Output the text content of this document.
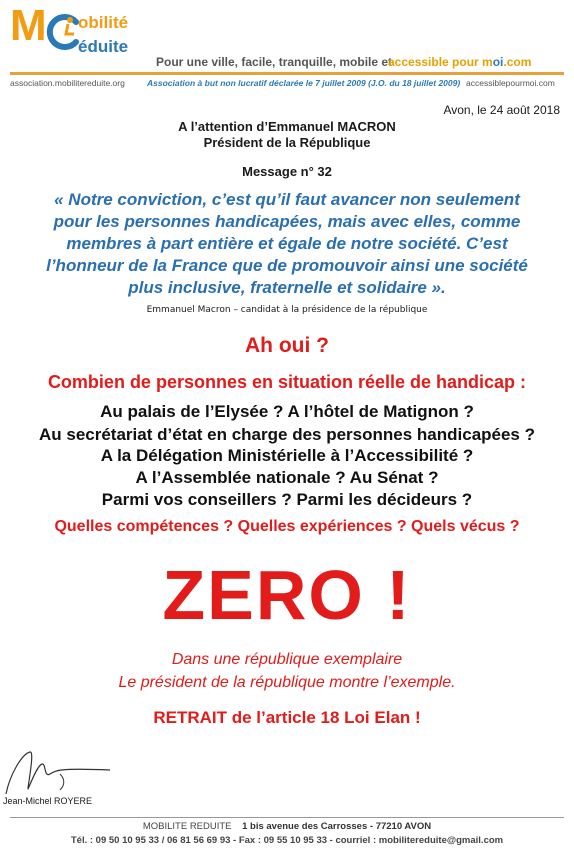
M obilité
éduite
Pour une ville, facile, tranquille, mobile et
accessible pour moi.com
association.mobilitereduite.org	Association à but non lucratif déclarée le 7 juillet 2009 (J.O. du 18 juillet 2009) accessiblepourmoi.com
Avon, le 24 août 2018
A l’attention d’Emmanuel MACRON
Président de la République
Message n° 32
« Notre conviction, c’est qu’il faut avancer non seulement
pour les personnes handicapées, mais avec elles, comme
membres à part entière et égale de notre société. C’est
l’honneur de la France que de promouvoir ainsi une société
plus inclusive, fraternelle et solidaire ».
Emmanuel Macron – candidat à la présidence de la république
Ah oui ?
Combien de personnes en situation réelle de handicap :
Au palais de l’Elysée ? A l’hôtel de Matignon ?
Au secrétariat d’état en charge des personnes handicapées ?
A la Délégation Ministérielle à l’Accessibilité ?
A l’Assemblée nationale ? Au Sénat ?
Parmi vos conseillers ? Parmi les décideurs ?
Quelles compétences ? Quelles expériences ? Quels vécus ?
ZERO !
Dans une république exemplaire
Le président de la république montre l’exemple.
RETRAIT de l’article 18 Loi Elan !
Jean-Michel ROYERE
MOBILITE REDUITE 1 bis avenue des Carrosses - 77210 AVON
Tél. : 09 50 10 95 33 / 06 81 56 69 93 - Fax : 09 55 10 95 33 - courriel : mobilitereduite@gmail.com
